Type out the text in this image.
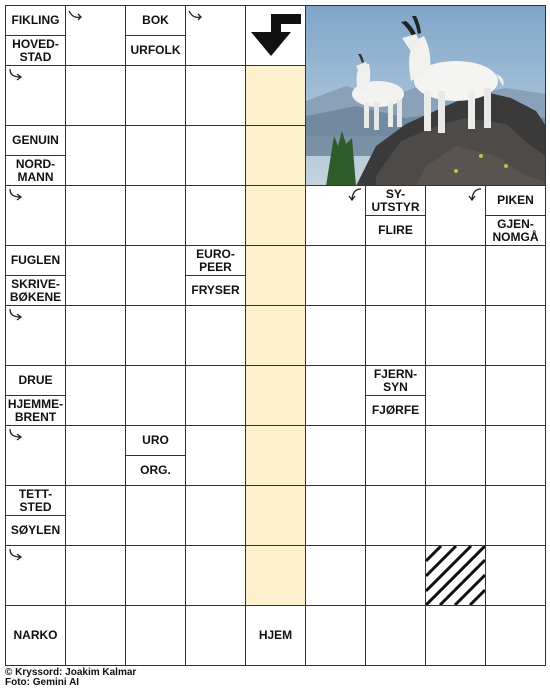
FIKLING
HOVED-
STAD
BOK
URFOLK
GENUIN
NORD-
MANN
SY-
UTSTYR
FLIRE
PIKEN
GJEN-
NOMGÅ
FUGLEN
SKRIVE-
BØKENE
EURO-
PEER
FRYSER
DRUE
HJEMME-
BRENT
FJERN-
SYN
FJØRFE
URO
ORG.
TETT-
STED
SØYLEN
NARKO	HJEM
© Kryssord: Joakim Kalmar
Foto: Gemini AI
